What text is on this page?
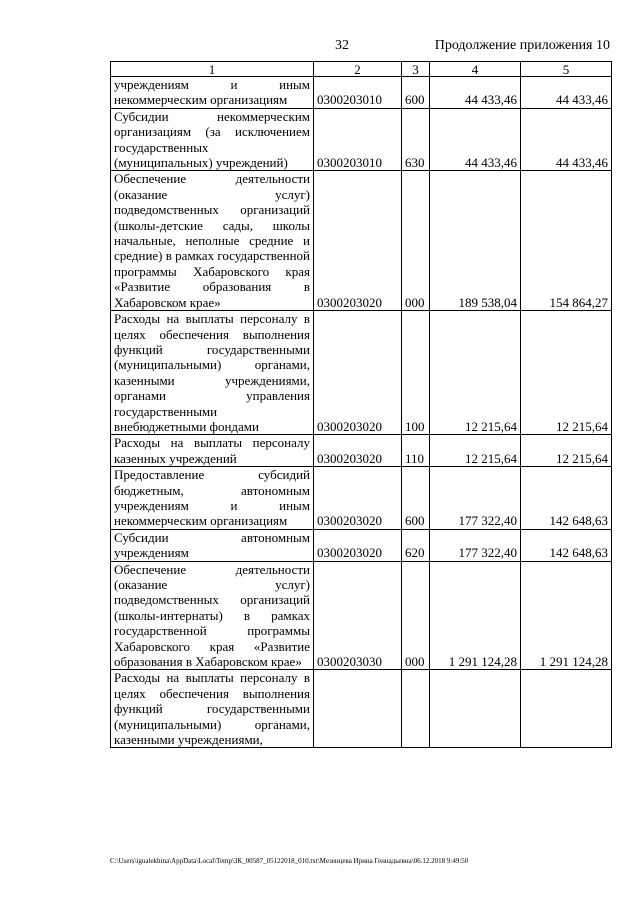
32	Продолжение приложения 10
1	2	3	4	5
учреждениям и иным некоммерческим организациям	0300203010	600	44 433,46	44 433,46
Субсидии некоммерческим организациям (за исключением государственных (муниципальных) учреждений)	0300203010	630	44 433,46	44 433,46
Обеспечение деятельности (оказание услуг) подведомственных организаций (школы-детские сады, школы начальные, неполные средние и средние) в рамках государственной программы Хабаровского края «Развитие образования в Хабаровском крае»	0300203020	000	189 538,04	154 864,27
Расходы на выплаты персоналу в целях обеспечения выполнения функций государственными (муниципальными) органами, казенными учреждениями, органами управления государственными внебюджетными фондами	0300203020	100	12 215,64	12 215,64
Расходы на выплаты персоналу казенных учреждений	0300203020	110	12 215,64	12 215,64
Предоставление субсидий бюджетным, автономным учреждениям и иным некоммерческим организациям	0300203020	600	177 322,40	142 648,63
Субсидии автономным учреждениям	0300203020	620	177 322,40	142 648,63
Обеспечение деятельности (оказание услуг) подведомственных организаций (школы-интернаты) в рамках государственной программы Хабаровского края «Развитие образования в Хабаровском крае»	0300203030	000	1 291 124,28	1 291 124,28
Расходы на выплаты персоналу в целях обеспечения выполнения функций государственными (муниципальными) органами, казенными учреждениями,				
C:\Users\igualekhina\AppData\Local\Temp\ЗК_00587_05122018_010.txt\Мезенцева Ирина Геннадьевна\06.12.2018 9:49:50
